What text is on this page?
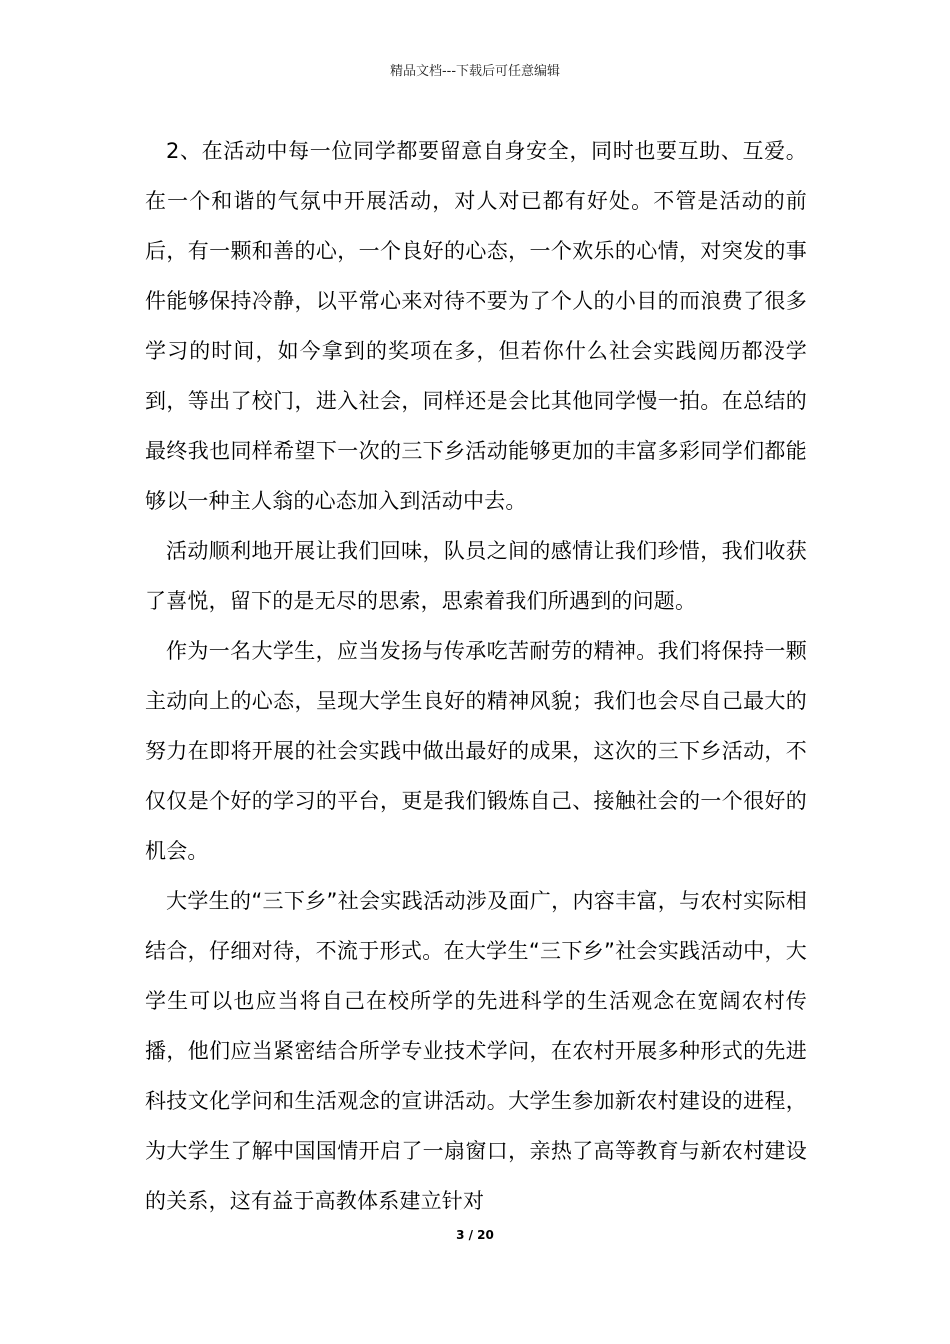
精品文档---下载后可任意编辑

2、在活动中每一位同学都要留意自身安全，同时也要互助、互爱。在一个和谐的气氛中开展活动，对人对已都有好处。不管是活动的前后，有一颗和善的心，一个良好的心态，一个欢乐的心情，对突发的事件能够保持冷静，以平常心来对待不要为了个人的小目的而浪费了很多学习的时间，如今拿到的奖项在多，但若你什么社会实践阅历都没学到，等出了校门，进入社会，同样还是会比其他同学慢一拍。在总结的最终我也同样希望下一次的三下乡活动能够更加的丰富多彩同学们都能够以一种主人翁的心态加入到活动中去。

活动顺利地开展让我们回味，队员之间的感情让我们珍惜，我们收获了喜悦，留下的是无尽的思索，思索着我们所遇到的问题。

作为一名大学生，应当发扬与传承吃苦耐劳的精神。我们将保持一颗主动向上的心态，呈现大学生良好的精神风貌；我们也会尽自己最大的努力在即将开展的社会实践中做出最好的成果，这次的三下乡活动，不仅仅是个好的学习的平台，更是我们锻炼自己、接触社会的一个很好的机会。

大学生的“三下乡”社会实践活动涉及面广，内容丰富，与农村实际相结合，仔细对待，不流于形式。在大学生“三下乡”社会实践活动中，大学生可以也应当将自己在校所学的先进科学的生活观念在宽阔农村传播，他们应当紧密结合所学专业技术学问，在农村开展多种形式的先进科技文化学问和生活观念的宣讲活动。大学生参加新农村建设的进程，为大学生了解中国国情开启了一扇窗口，亲热了高等教育与新农村建设的关系，这有益于高教体系建立针对

3 / 20
